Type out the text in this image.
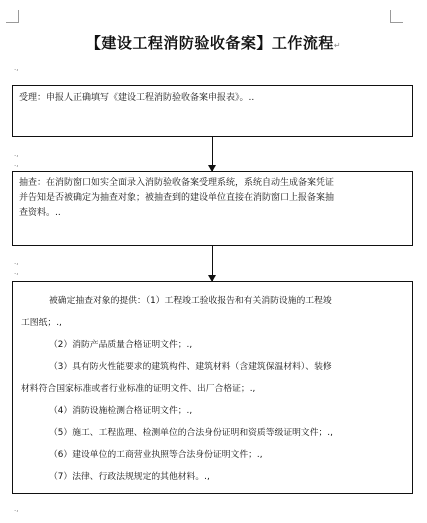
【建设工程消防验收备案】工作流程↵
.,
.,
.,
.,
.,
.,

受理：申报人正确填写《建设工程消防验收备案申报表》。..

抽查：在消防窗口如实全面录入消防验收备案受理系统，系统自动生成备案凭证

并告知是否被确定为抽查对象；被抽查到的建设单位直接在消防窗口上报备案抽

查资料。..

被确定抽查对象的提供：（1）工程竣工验收报告和有关消防设施的工程竣

工图纸；.,

（2）消防产品质量合格证明文件；.,

（3）具有防火性能要求的建筑构件、建筑材料（含建筑保温材料）、装修

材料符合国家标准或者行业标准的证明文件、出厂合格证；.,

（4）消防设施检测合格证明文件；.,

（5）施工、工程监理、检测单位的合法身份证明和资质等级证明文件；.,

（6）建设单位的工商营业执照等合法身份证明文件；.,

（7）法律、行政法规规定的其他材料。.,
